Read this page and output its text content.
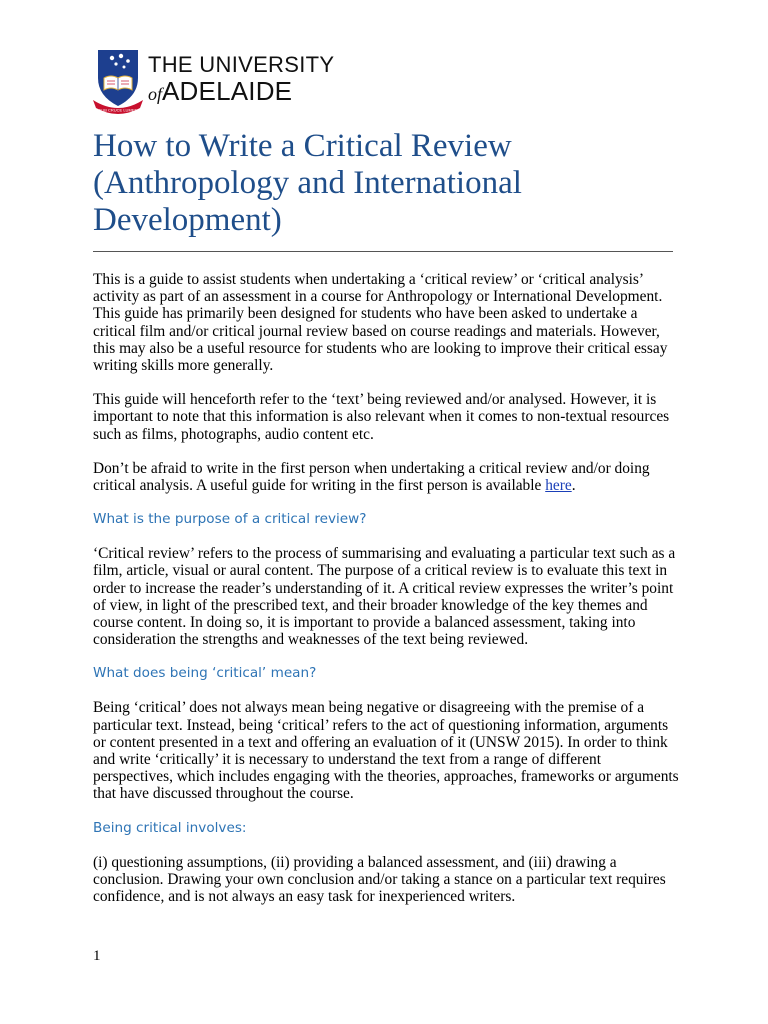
SUB CRUCE LUMEN
THE UNIVERSITY
ofADELAIDE
How to Write a Critical Review (Anthropology and International Development)

This is a guide to assist students when undertaking a ‘critical review’ or ‘critical analysis’ activity as part of an assessment in a course for Anthropology or International Development. This guide has primarily been designed for students who have been asked to undertake a critical film and/or critical journal review based on course readings and materials. However, this may also be a useful resource for students who are looking to improve their critical essay writing skills more generally.

This guide will henceforth refer to the ‘text’ being reviewed and/or analysed. However, it is important to note that this information is also relevant when it comes to non-textual resources such as films, photographs, audio content etc.

Don’t be afraid to write in the first person when undertaking a critical review and/or doing critical analysis. A useful guide for writing in the first person is available here.

What is the purpose of a critical review?

‘Critical review’ refers to the process of summarising and evaluating a particular text such as a film, article, visual or aural content. The purpose of a critical review is to evaluate this text in order to increase the reader’s understanding of it. A critical review expresses the writer’s point of view, in light of the prescribed text, and their broader knowledge of the key themes and course content. In doing so, it is important to provide a balanced assessment, taking into consideration the strengths and weaknesses of the text being reviewed.

What does being ‘critical’ mean?

Being ‘critical’ does not always mean being negative or disagreeing with the premise of a particular text. Instead, being ‘critical’ refers to the act of questioning information, arguments or content presented in a text and offering an evaluation of it (UNSW 2015). In order to think and write ‘critically’ it is necessary to understand the text from a range of different perspectives, which includes engaging with the theories, approaches, frameworks or arguments that have discussed throughout the course.

Being critical involves:

(i) questioning assumptions, (ii) providing a balanced assessment, and (iii) drawing a conclusion. Drawing your own conclusion and/or taking a stance on a particular text requires confidence, and is not always an easy task for inexperienced writers.

1
